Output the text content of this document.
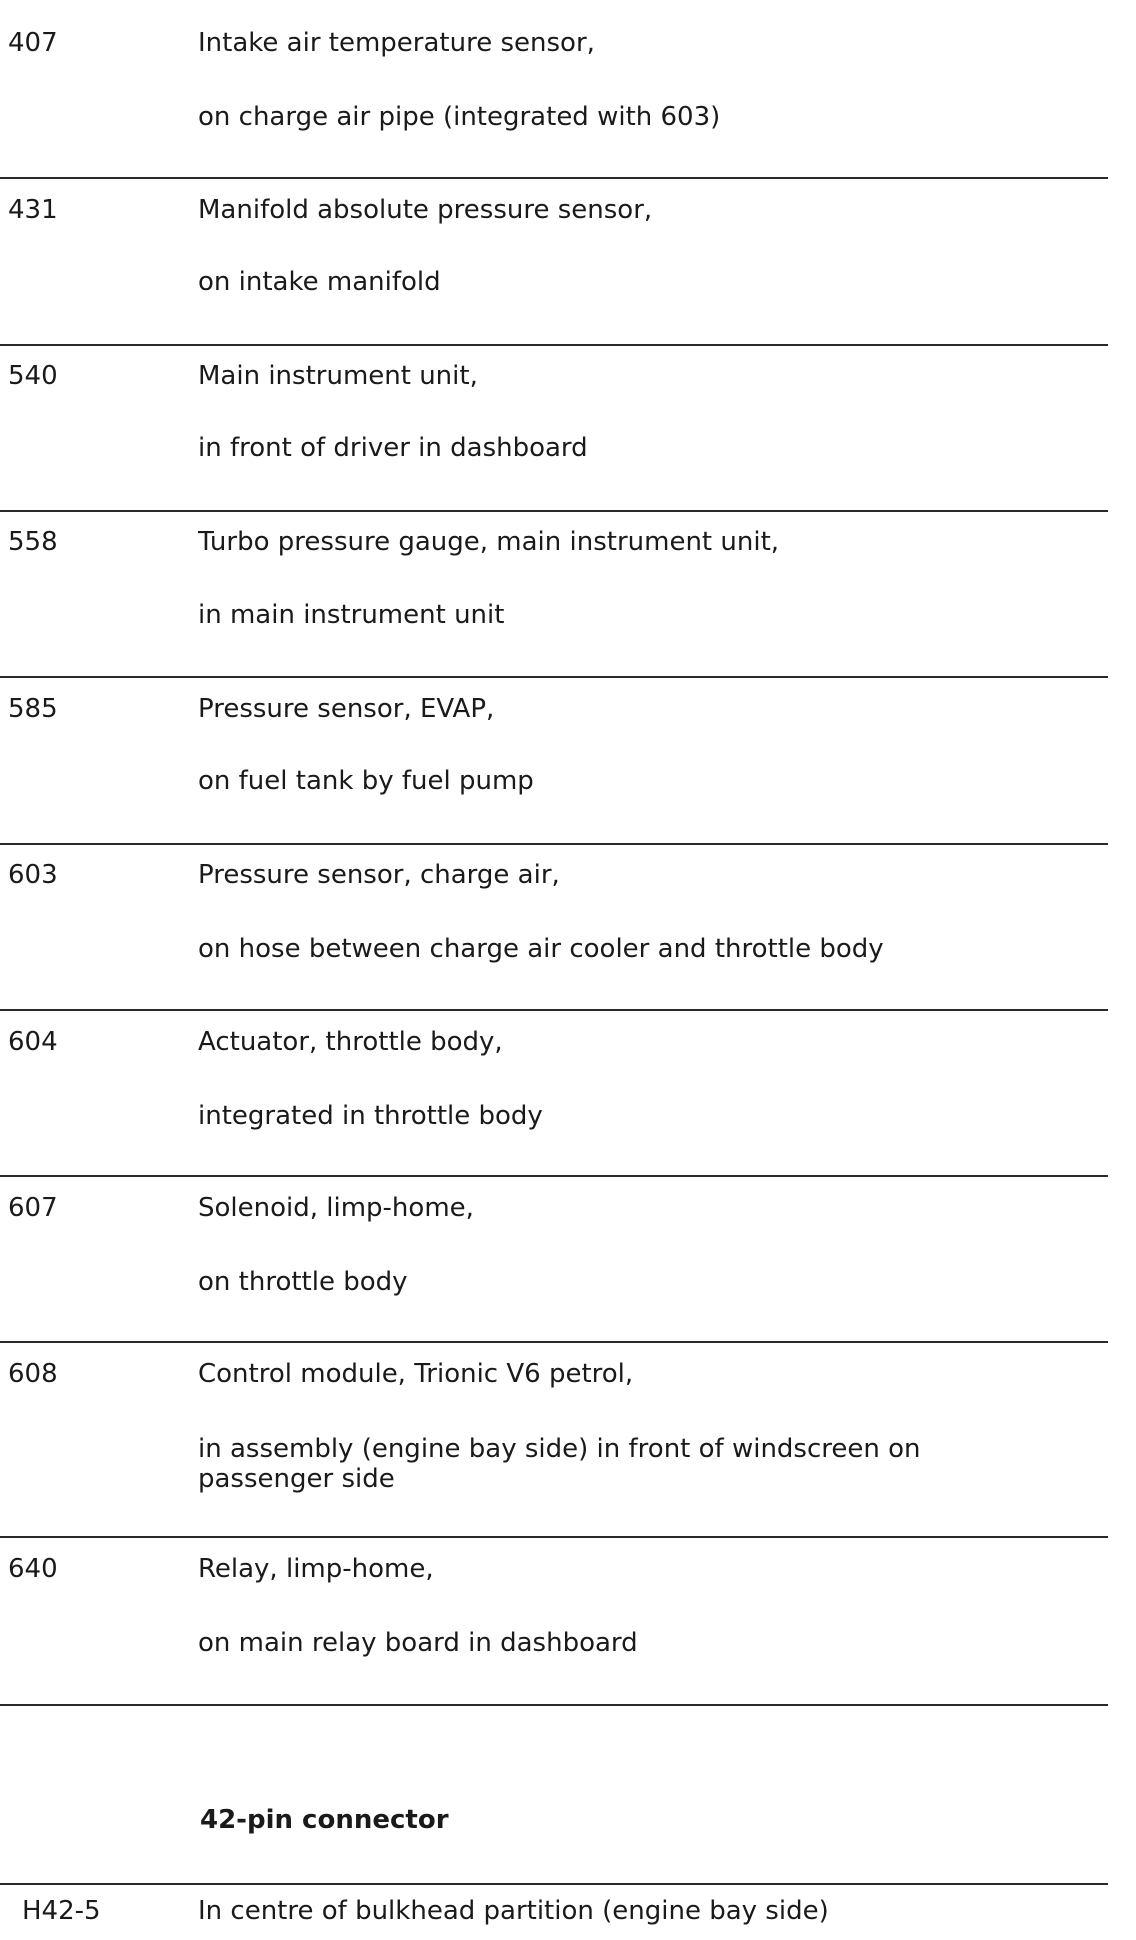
407	Intake air temperature sensor,
on charge air pipe (integrated with 603)
431	Manifold absolute pressure sensor,
on intake manifold
540	Main instrument unit,
in front of driver in dashboard
558	Turbo pressure gauge, main instrument unit,
in main instrument unit
585	Pressure sensor, EVAP,
on fuel tank by fuel pump
603	Pressure sensor, charge air,
on hose between charge air cooler and throttle body
604	Actuator, throttle body,
integrated in throttle body
607	Solenoid, limp-home,
on throttle body
608	Control module, Trionic V6 petrol,
in assembly (engine bay side) in front of windscreen on passenger side
640	Relay, limp-home,
on main relay board in dashboard
42-pin connector
H42-5	In centre of bulkhead partition (engine bay side)
